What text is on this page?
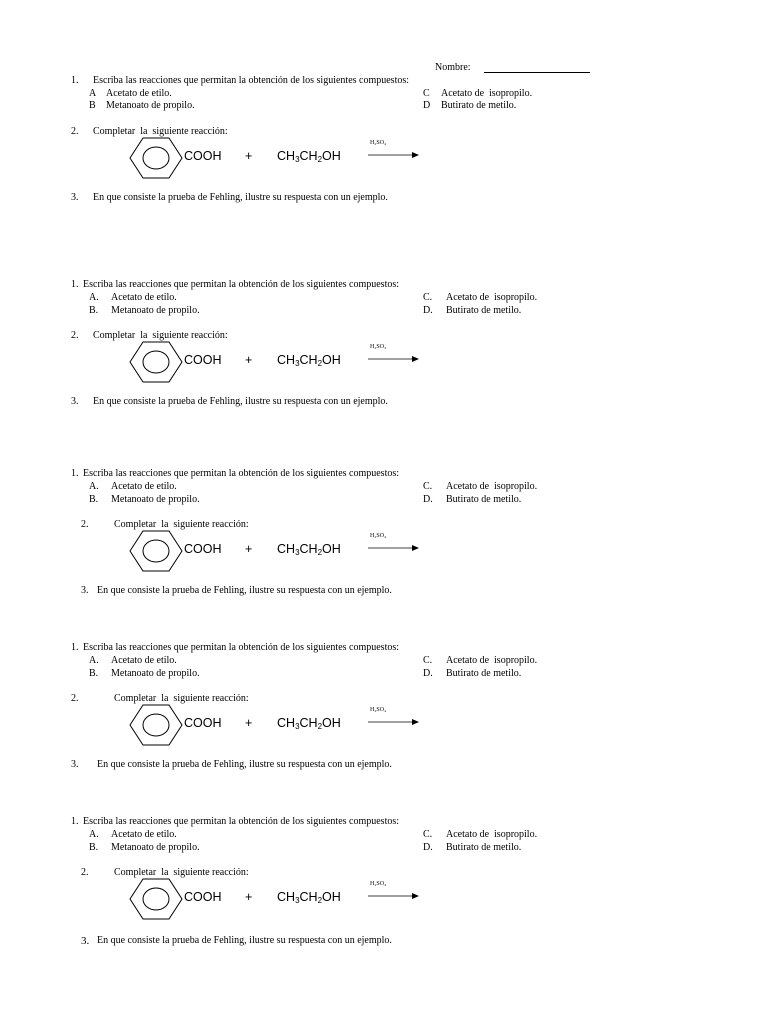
Nombre:
1. Escriba las reacciones que permitan la obtención de los siguientes compuestos:
A Acetato de etilo.	C Acetato de  isopropilo.
B Metanoato de propilo.	D Butirato de metilo.
2. Completar  la  siguiente reacción:
COOH + $CH_3CH_2OH$
H₂SO₄
3. En que consiste la prueba de Fehling, ilustre su respuesta con un ejemplo.
1. Escriba las reacciones que permitan la obtención de los siguientes compuestos:
A. Acetato de etilo.	C. Acetato de  isopropilo.
B. Metanoato de propilo.	D. Butirato de metilo.
2. Completar  la  siguiente reacción:
COOH + $CH_3CH_2OH$
H₂SO₄
3. En que consiste la prueba de Fehling, ilustre su respuesta con un ejemplo.
1. Escriba las reacciones que permitan la obtención de los siguientes compuestos:
A. Acetato de etilo.	C. Acetato de  isopropilo.
B. Metanoato de propilo.	D. Butirato de metilo.
2.	Completar  la  siguiente reacción:
COOH + $CH_3CH_2OH$
H₂SO₄
3. En que consiste la prueba de Fehling, ilustre su respuesta con un ejemplo.
1. Escriba las reacciones que permitan la obtención de los siguientes compuestos:
A. Acetato de etilo.	C. Acetato de  isopropilo.
B. Metanoato de propilo.	D. Butirato de metilo.
2.	Completar  la  siguiente reacción:
COOH + $CH_3CH_2OH$
H₂SO₄
3. En que consiste la prueba de Fehling, ilustre su respuesta con un ejemplo.
1. Escriba las reacciones que permitan la obtención de los siguientes compuestos:
A. Acetato de etilo.	C. Acetato de  isopropilo.
B. Metanoato de propilo.	D. Butirato de metilo.
2.	Completar  la  siguiente reacción:
COOH + $CH_3CH_2OH$
H₂SO₄
3. En que consiste la prueba de Fehling, ilustre su respuesta con un ejemplo.
